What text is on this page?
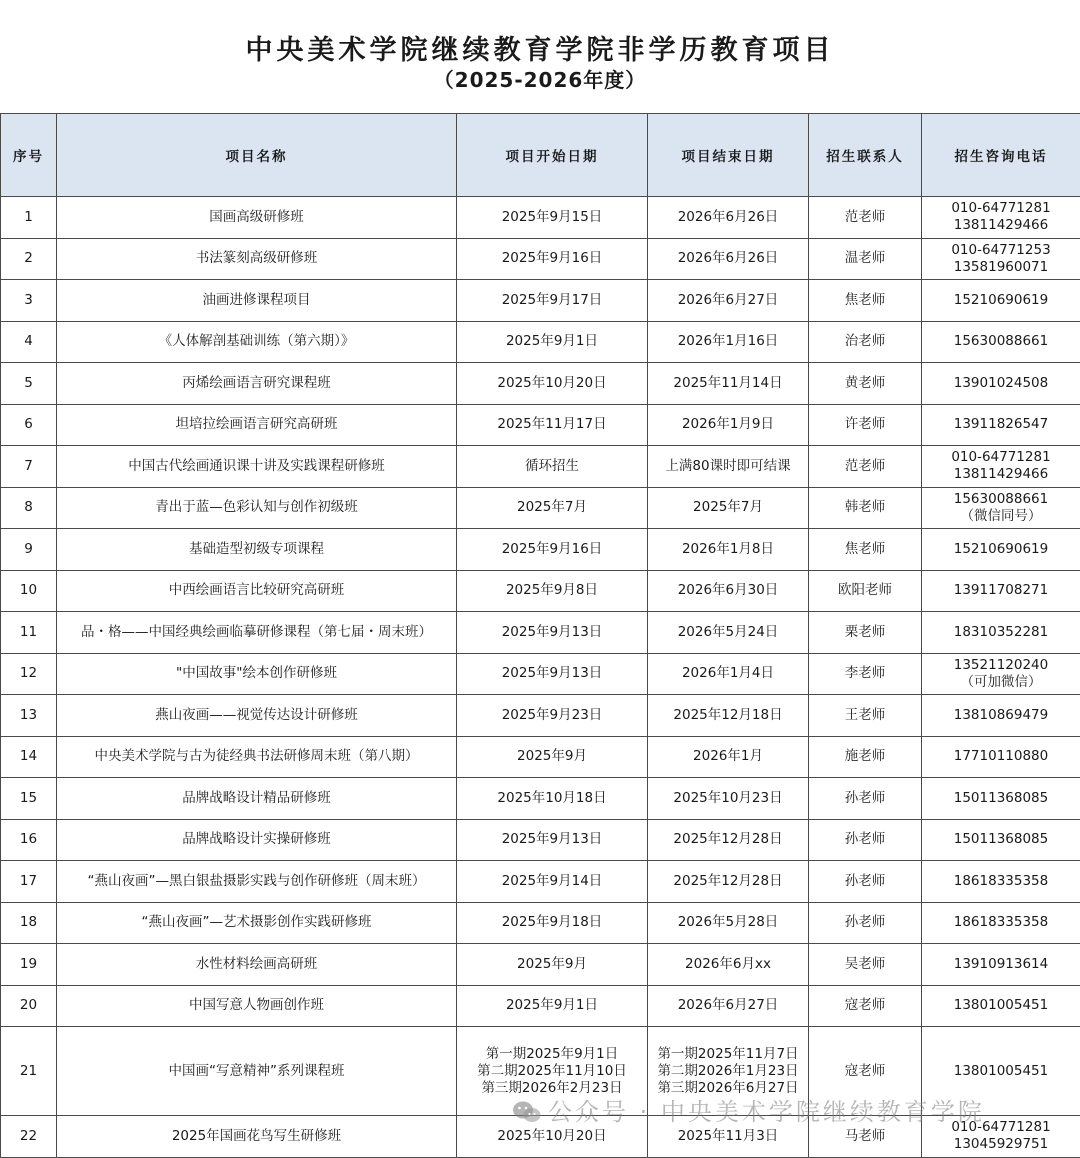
中央美术学院继续教育学院非学历教育项目
（2025-2026年度）
序号	项目名称	项目开始日期	项目结束日期	招生联系人	招生咨询电话
1	国画高级研修班	2025年9月15日	2026年6月26日	范老师	010-64771281
13811429466

2	书法篆刻高级研修班	2025年9月16日	2026年6月26日	温老师	010-64771253
13581960071

3	油画进修课程项目	2025年9月17日	2026年6月27日	焦老师	15210690619

4	《人体解剖基础训练（第六期）》	2025年9月1日	2026年1月16日	治老师	15630088661

5	丙烯绘画语言研究课程班	2025年10月20日	2025年11月14日	黄老师	13901024508

6	坦培拉绘画语言研究高研班	2025年11月17日	2026年1月9日	许老师	13911826547

7	中国古代绘画通识课十讲及实践课程研修班	循环招生	上满80课时即可结课	范老师	010-64771281
13811429466

8	青出于蓝—色彩认知与创作初级班	2025年7月	2025年7月	韩老师	15630088661
（微信同号）

9	基础造型初级专项课程	2025年9月16日	2026年1月8日	焦老师	15210690619

10	中西绘画语言比较研究高研班	2025年9月8日	2026年6月30日	欧阳老师	13911708271

11	品・格——中国经典绘画临摹研修课程（第七届・周末班）	2025年9月13日	2026年5月24日	栗老师	18310352281

12	"中国故事"绘本创作研修班	2025年9月13日	2026年1月4日	李老师	13521120240
（可加微信）

13	燕山夜画——视觉传达设计研修班	2025年9月23日	2025年12月18日	王老师	13810869479

14	中央美术学院与古为徒经典书法研修周末班（第八期）	2025年9月	2026年1月	施老师	17710110880

15	品牌战略设计精品研修班	2025年10月18日	2025年10月23日	孙老师	15011368085

16	品牌战略设计实操研修班	2025年9月13日	2025年12月28日	孙老师	15011368085

17	“燕山夜画”—黑白银盐摄影实践与创作研修班（周末班）	2025年9月14日	2025年12月28日	孙老师	18618335358

18	“燕山夜画”—艺术摄影创作实践研修班	2025年9月18日	2026年5月28日	孙老师	18618335358

19	水性材料绘画高研班	2025年9月	2026年6月xx	吴老师	13910913614

20	中国写意人物画创作班	2025年9月1日	2026年6月27日	寇老师	13801005451

21	中国画“写意精神”系列课程班	第一期2025年9月1日
第二期2025年11月10日
第三期2026年2月23日	第一期2025年11月7日
第二期2026年1月23日
第三期2026年6月27日	寇老师	13801005451

22	2025年国画花鸟写生研修班	2025年10月20日	2025年11月3日	马老师	010-64771281
13045929751
公众号 · 中央美术学院继续教育学院
